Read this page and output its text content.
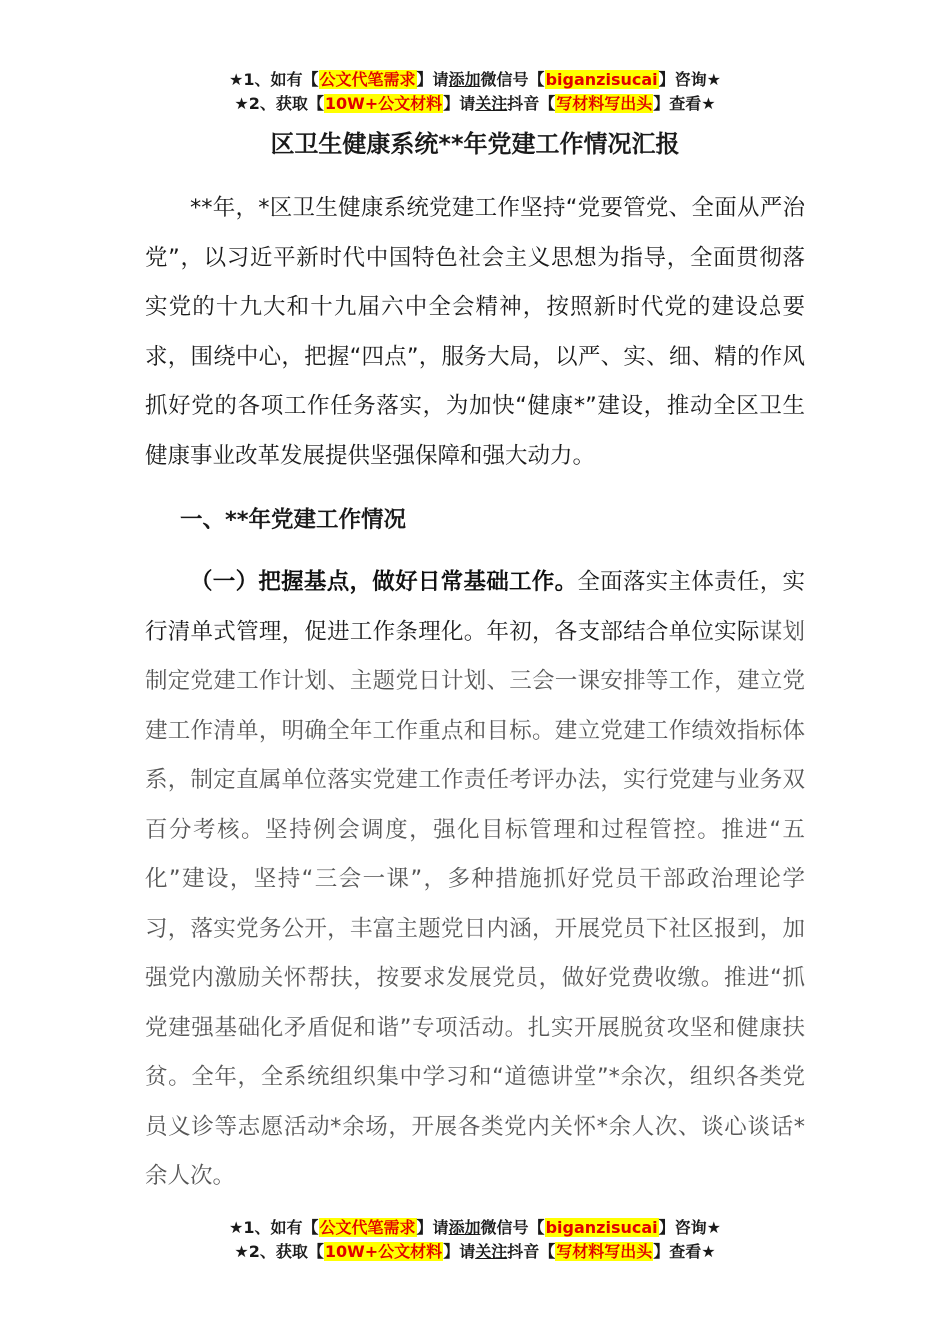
★1、如有【公文代笔需求】请添加微信号【biganzisucai】咨询★
★2、获取【10W+公文材料】请关注抖音【写材料写出头】查看★
区卫生健康系统**年党建工作情况汇报

**年，*区卫生健康系统党建工作坚持“党要管党、全面从严治党”，以习近平新时代中国特色社会主义思想为指导，全面贯彻落实党的十九大和十九届六中全会精神，按照新时代党的建设总要求，围绕中心，把握“四点”，服务大局，以严、实、细、精的作风抓好党的各项工作任务落实，为加快“健康*”建设，推动全区卫生健康事业改革发展提供坚强保障和强大动力。

一、**年党建工作情况

（一）把握基点，做好日常基础工作。全面落实主体责任，实行清单式管理，促进工作条理化。年初，各支部结合单位实际谋划制定党建工作计划、主题党日计划、三会一课安排等工作，建立党建工作清单，明确全年工作重点和目标。建立党建工作绩效指标体系，制定直属单位落实党建工作责任考评办法，实行党建与业务双百分考核。坚持例会调度，强化目标管理和过程管控。推进“五化”建设，坚持“三会一课”，多种措施抓好党员干部政治理论学习，落实党务公开，丰富主题党日内涵，开展党员下社区报到，加强党内激励关怀帮扶，按要求发展党员，做好党费收缴。推进“抓党建强基础化矛盾促和谐”专项活动。扎实开展脱贫攻坚和健康扶贫。全年，全系统组织集中学习和“道德讲堂”*余次，组织各类党员义诊等志愿活动*余场，开展各类党内关怀*余人次、谈心谈话*余人次。

★1、如有【公文代笔需求】请添加微信号【biganzisucai】咨询★
★2、获取【10W+公文材料】请关注抖音【写材料写出头】查看★
